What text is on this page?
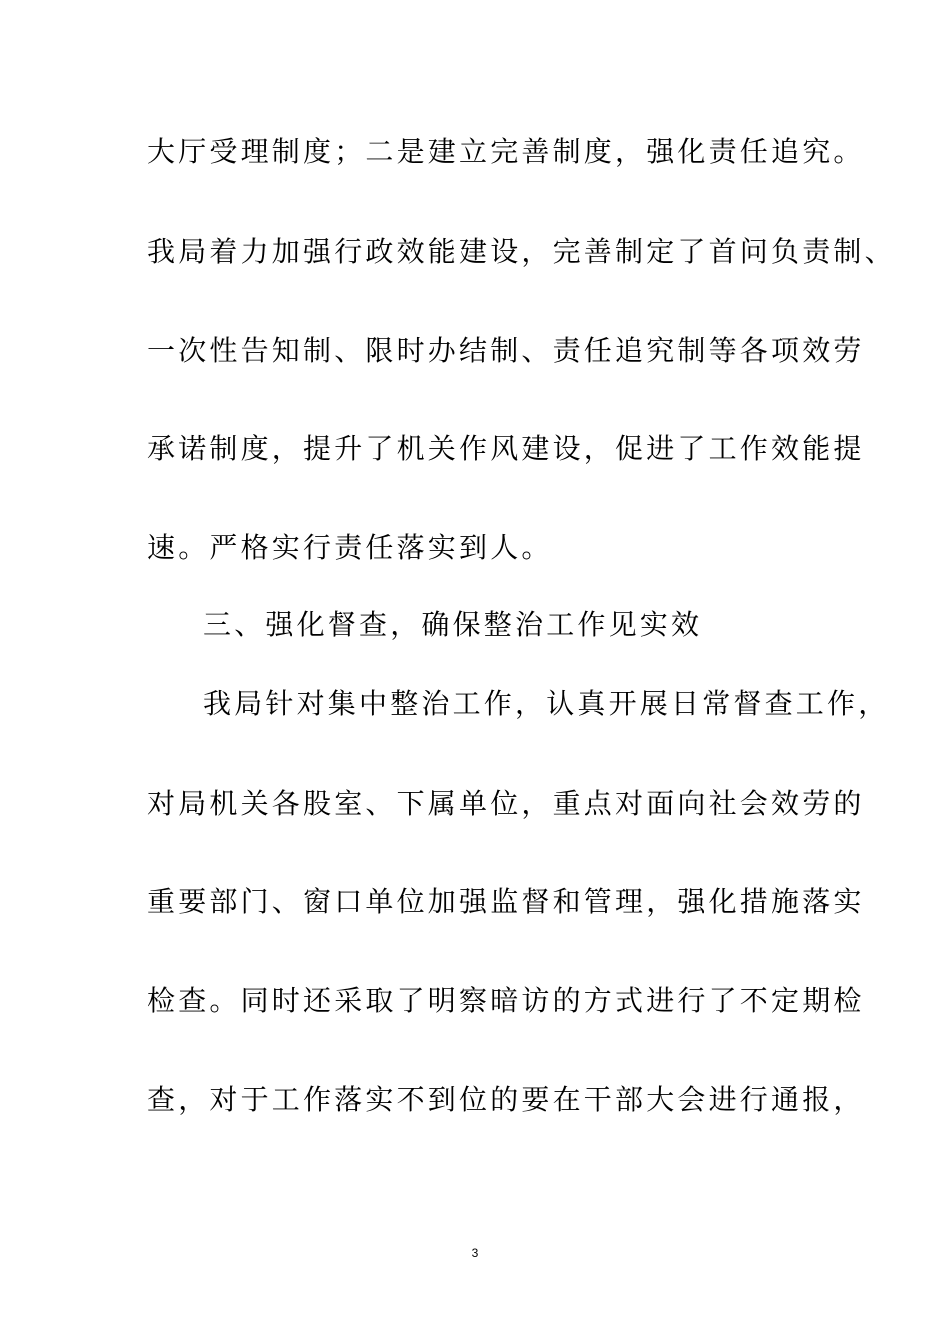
大厅受理制度；二是建立完善制度，强化责任追究。
我局着力加强行政效能建设，完善制定了首问负责制、
一次性告知制、限时办结制、责任追究制等各项效劳
承诺制度，提升了机关作风建设，促进了工作效能提
速。严格实行责任落实到人。
三、强化督查，确保整治工作见实效
我局针对集中整治工作，认真开展日常督查工作，
对局机关各股室、下属单位，重点对面向社会效劳的
重要部门、窗口单位加强监督和管理，强化措施落实
检查。同时还采取了明察暗访的方式进行了不定期检
查，对于工作落实不到位的要在干部大会进行通报，
3
